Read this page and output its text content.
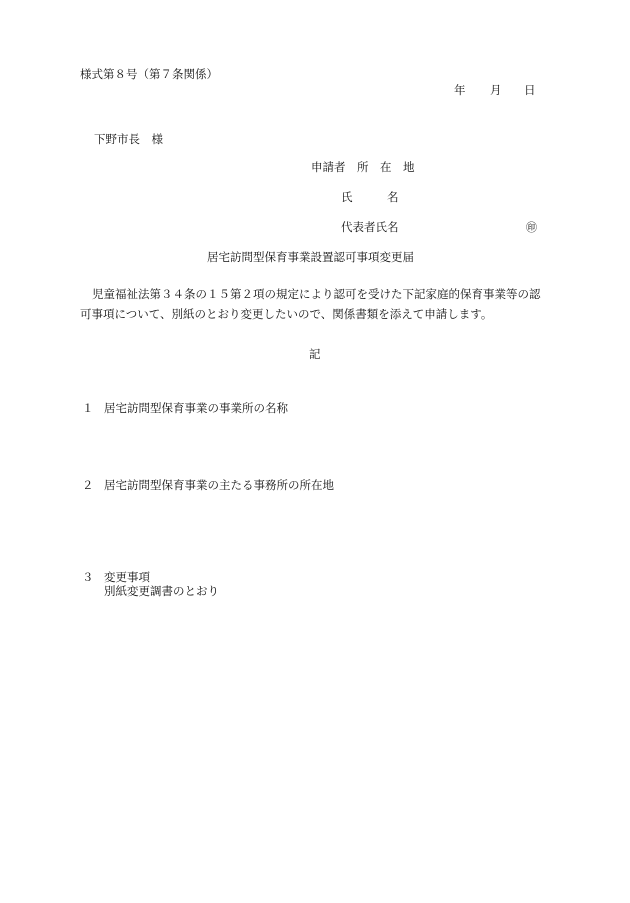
様式第８号（第７条関係）
年 月 日
下野市長　様
申請者　所　在　地
氏　　　名
代表者氏名	㊞
居宅訪問型保育事業設置認可事項変更届
児童福祉法第３４条の１５第２項の規定により認可を受けた下記家庭的保育事業等の認可事項について、別紙のとおり変更したいので、関係書類を添えて申請します。
記
１ 居宅訪問型保育事業の事業所の名称
２ 居宅訪問型保育事業の主たる事務所の所在地
３ 変更事項
別紙変更調書のとおり
